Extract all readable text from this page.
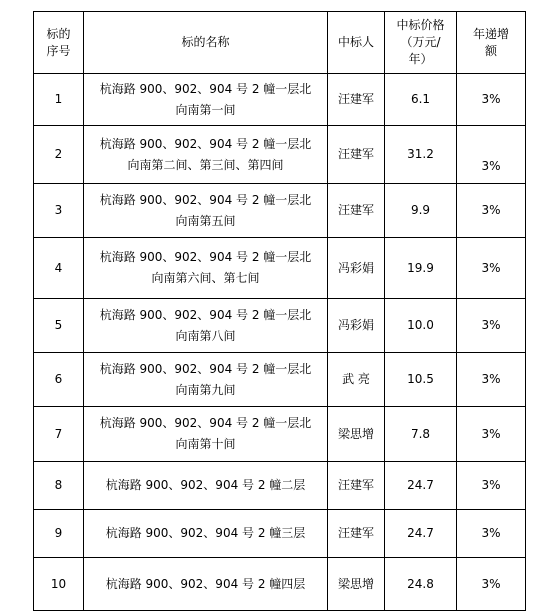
标的序号	标的名称	中标人	中标价格（万元/年）	年递增额
1	杭海路 900、902、904 号 2 幢一层北向南第一间	汪建军	6.1	3%
2	杭海路 900、902、904 号 2 幢一层北向南第二间、第三间、第四间	汪建军	31.2	3%
3	杭海路 900、902、904 号 2 幢一层北向南第五间	汪建军	9.9	3%
4	杭海路 900、902、904 号 2 幢一层北向南第六间、第七间	冯彩娟	19.9	3%
5	杭海路 900、902、904 号 2 幢一层北向南第八间	冯彩娟	10.0	3%
6	杭海路 900、902、904 号 2 幢一层北向南第九间	武 亮	10.5	3%
7	杭海路 900、902、904 号 2 幢一层北向南第十间	梁思增	7.8	3%
8	杭海路 900、902、904 号 2 幢二层	汪建军	24.7	3%
9	杭海路 900、902、904 号 2 幢三层	汪建军	24.7	3%
10	杭海路 900、902、904 号 2 幢四层	梁思增	24.8	3%
